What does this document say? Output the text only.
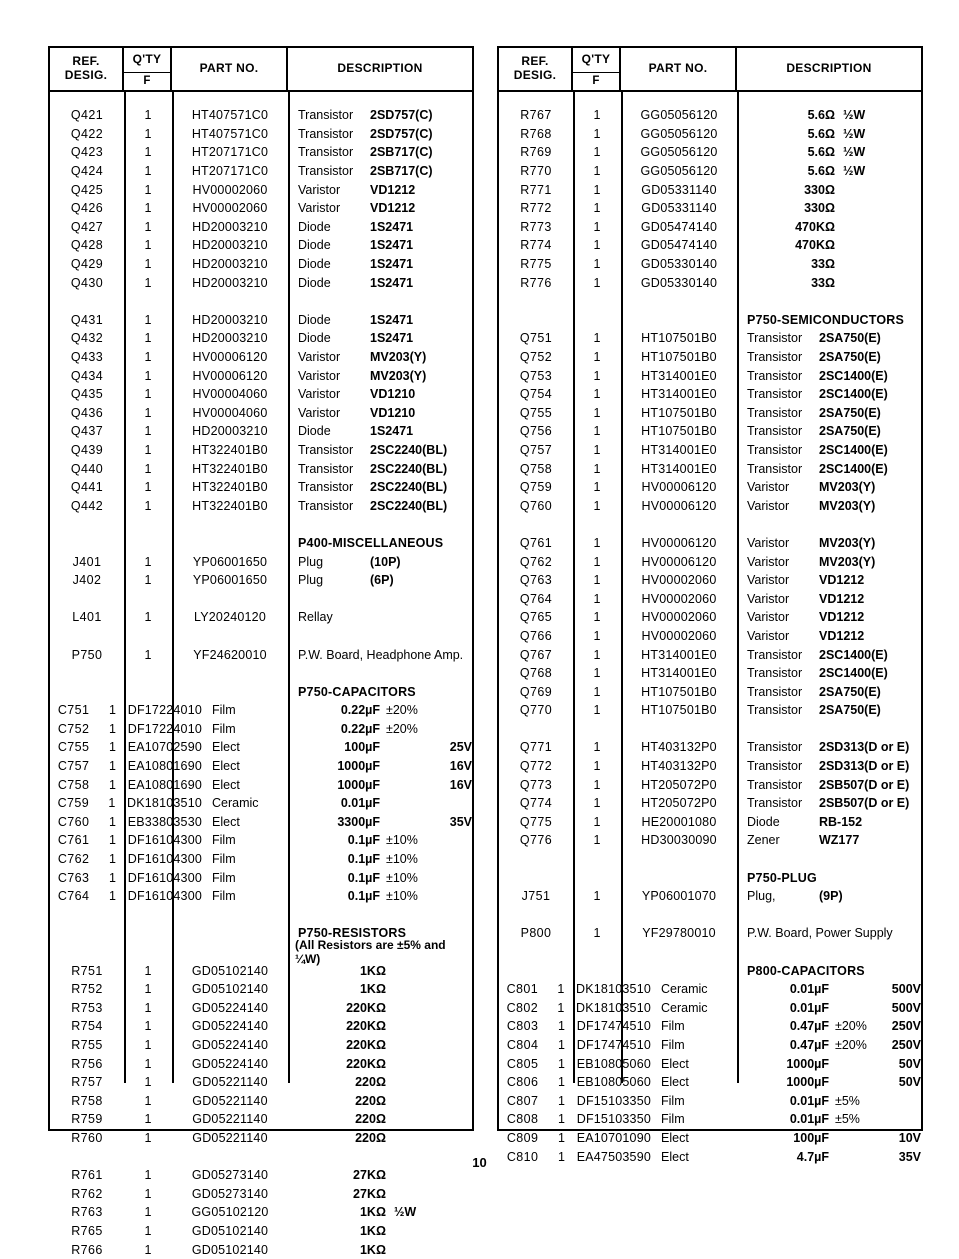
REF.
DESIG.
Q'TY
F
PART NO.	DESCRIPTION
Q421	1	HT407571C0	Transistor	2SD757(C)
Q422	1	HT407571C0	Transistor	2SD757(C)
Q423	1	HT207171C0	Transistor	2SB717(C)
Q424	1	HT207171C0	Transistor	2SB717(C)
Q425	1	HV00002060	Varistor	VD1212
Q426	1	HV00002060	Varistor	VD1212
Q427	1	HD20003210	Diode	1S2471
Q428	1	HD20003210	Diode	1S2471
Q429	1	HD20003210	Diode	1S2471
Q430	1	HD20003210	Diode	1S2471
Q431	1	HD20003210	Diode	1S2471
Q432	1	HD20003210	Diode	1S2471
Q433	1	HV00006120	Varistor	MV203(Y)
Q434	1	HV00006120	Varistor	MV203(Y)
Q435	1	HV00004060	Varistor	VD1210
Q436	1	HV00004060	Varistor	VD1210
Q437	1	HD20003210	Diode	1S2471
Q439	1	HT322401B0	Transistor	2SC2240(BL)
Q440	1	HT322401B0	Transistor	2SC2240(BL)
Q441	1	HT322401B0	Transistor	2SC2240(BL)
Q442	1	HT322401B0	Transistor	2SC2240(BL)
P400-MISCELLANEOUS
J401	1	YP06001650	Plug	(10P)
J402	1	YP06001650	Plug	(6P)
L401	1	LY20240120	Rellay
P750	1	YF24620010	P.W. Board, Headphone Amp.
P750-CAPACITORS
C751	1 DF17224010 Film	0.22µF ±20%
C752	1 DF17224010 Film	0.22µF ±20%
C755	1 EA10702590 Elect	100µF	25V
C757	1 EA10801690 Elect	1000µF	16V
C758	1 EA10801690 Elect	1000µF	16V
C759	1 DK18103510 Ceramic	0.01µF
C760	1 EB33803530 Elect	3300µF	35V
C761	1 DF16104300 Film	0.1µF ±10%
C762	1 DF16104300 Film	0.1µF ±10%
C763	1 DF16104300 Film	0.1µF ±10%
C764	1 DF16104300 Film	0.1µF ±10%
P750-RESISTORS
(All Resistors are ±5% and ¼W)
R751	1	GD05102140	1KΩ
R752	1	GD05102140	1KΩ
R753	1	GD05224140	220KΩ
R754	1	GD05224140	220KΩ
R755	1	GD05224140	220KΩ
R756	1	GD05224140	220KΩ
R757	1	GD05221140	220Ω
R758	1	GD05221140	220Ω
R759	1	GD05221140	220Ω
R760	1	GD05221140	220Ω
R761	1	GD05273140	27KΩ
R762	1	GD05273140	27KΩ
R763	1	GG05102120	1KΩ ½W
R765	1	GD05102140	1KΩ
R766	1	GD05102140	1KΩ
REF.
DESIG.
Q'TY
F
PART NO.	DESCRIPTION
R767	1	GG05056120	5.6Ω ½W
R768	1	GG05056120	5.6Ω ½W
R769	1	GG05056120	5.6Ω ½W
R770	1	GG05056120	5.6Ω ½W
R771	1	GD05331140	330Ω
R772	1	GD05331140	330Ω
R773	1	GD05474140	470KΩ
R774	1	GD05474140	470KΩ
R775	1	GD05330140	33Ω
R776	1	GD05330140	33Ω
P750-SEMICONDUCTORS
Q751	1	HT107501B0	Transistor	2SA750(E)
Q752	1	HT107501B0	Transistor	2SA750(E)
Q753	1	HT314001E0	Transistor	2SC1400(E)
Q754	1	HT314001E0	Transistor	2SC1400(E)
Q755	1	HT107501B0	Transistor	2SA750(E)
Q756	1	HT107501B0	Transistor	2SA750(E)
Q757	1	HT314001E0	Transistor	2SC1400(E)
Q758	1	HT314001E0	Transistor	2SC1400(E)
Q759	1	HV00006120	Varistor	MV203(Y)
Q760	1	HV00006120	Varistor	MV203(Y)
Q761	1	HV00006120	Varistor	MV203(Y)
Q762	1	HV00006120	Varistor	MV203(Y)
Q763	1	HV00002060	Varistor	VD1212
Q764	1	HV00002060	Varistor	VD1212
Q765	1	HV00002060	Varistor	VD1212
Q766	1	HV00002060	Varistor	VD1212
Q767	1	HT314001E0	Transistor	2SC1400(E)
Q768	1	HT314001E0	Transistor	2SC1400(E)
Q769	1	HT107501B0	Transistor	2SA750(E)
Q770	1	HT107501B0	Transistor	2SA750(E)
Q771	1	HT403132P0	Transistor	2SD313(D or E)
Q772	1	HT403132P0	Transistor	2SD313(D or E)
Q773	1	HT205072P0	Transistor	2SB507(D or E)
Q774	1	HT205072P0	Transistor	2SB507(D or E)
Q775	1	HE20001080	Diode	RB-152
Q776	1	HD30030090	Zener	WZ177
P750-PLUG
J751	1	YP06001070	Plug,	(9P)
P800	1	YF29780010	P.W. Board, Power Supply
P800-CAPACITORS
C801	1 DK18103510 Ceramic	0.01µF	500V
C802	1 DK18103510 Ceramic	0.01µF	500V
C803	1 DF17474510 Film	0.47µF ±20%	250V
C804	1 DF17474510 Film	0.47µF ±20%	250V
C805	1 EB10805060 Elect	1000µF	50V
C806	1 EB10805060 Elect	1000µF	50V
C807	1 DF15103350 Film	0.01µF ±5%
C808	1 DF15103350 Film	0.01µF ±5%
C809	1 EA10701090 Elect	100µF	10V
C810	1 EA47503590 Elect	4.7µF	35V
10
